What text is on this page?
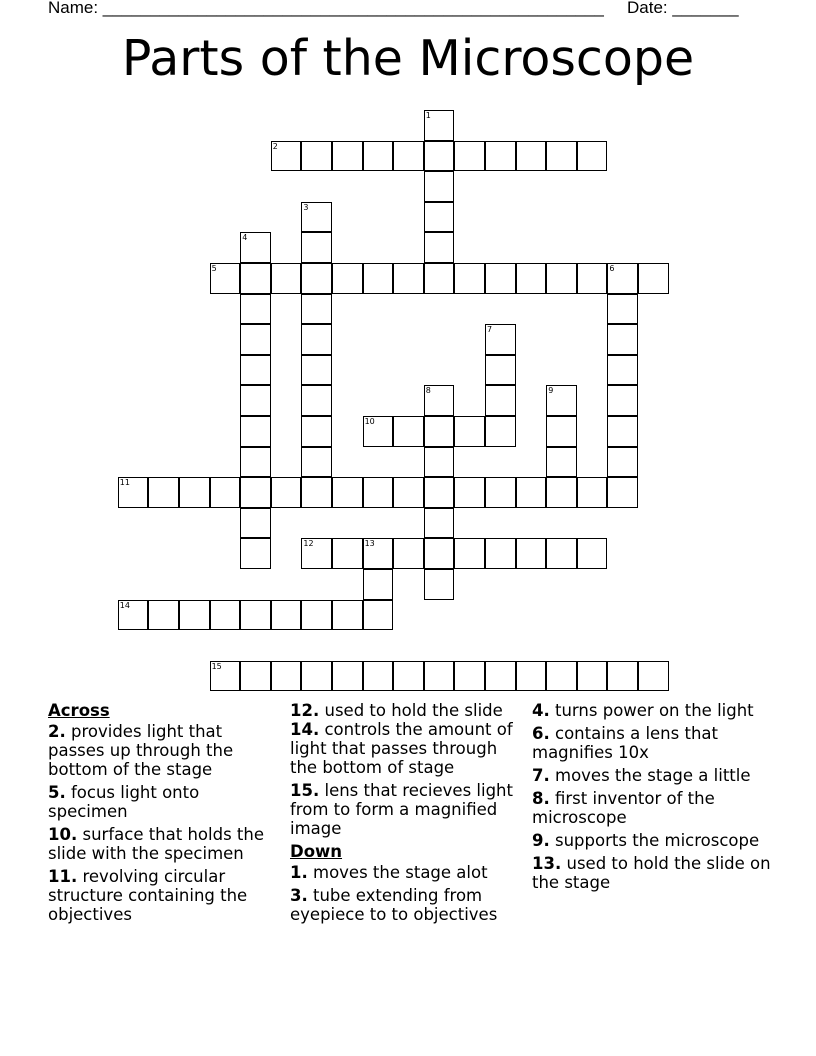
Name: _____________________________________________________ Date: _______
Parts of the Microscope
1
2
3
4
5	6
7
8	9
10
11
12	13
14
15
Across
2. provides light that passes up through the bottom of the stage
5. focus light onto specimen
10. surface that holds the slide with the specimen
11. revolving circular structure containing the objectives
12. used to hold the slide
14. controls the amount of light that passes through the bottom of stage
15. lens that recieves light from to form a magnified image
Down
1. moves the stage alot
3. tube extending from eyepiece to to objectives
4. turns power on the light
6. contains a lens that magnifies 10x
7. moves the stage a little
8. first inventor of the microscope
9. supports the microscope
13. used to hold the slide on the stage
